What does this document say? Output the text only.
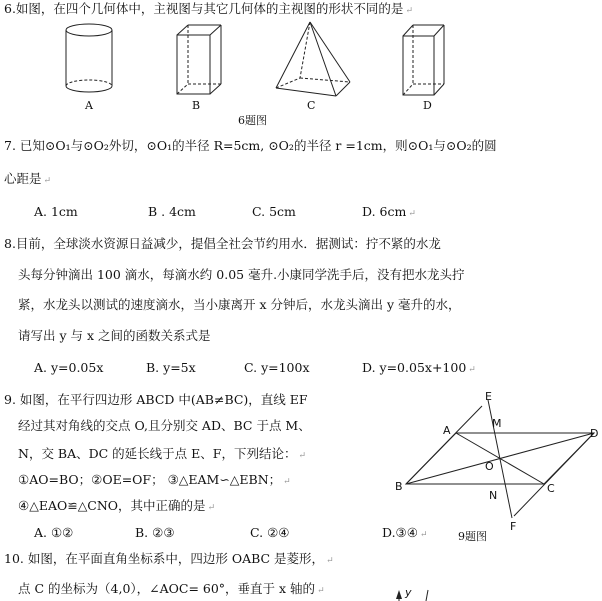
6.如图，在四个几何体中，主视图与其它几何体的主视图的形状不同的是 ↵
A	B	C	D
6题图
7. 已知⊙O₁与⊙O₂外切，⊙O₁的半径 R=5cm, ⊙O₂的半径 r =1cm，则⊙O₁与⊙O₂的圆
心距是 ↵
A. 1cm	B . 4cm	C. 5cm	D. 6cm ↵
8.目前，全球淡水资源日益减少，提倡全社会节约用水．据测试：拧不紧的水龙
头每分钟滴出 100 滴水，每滴水约 0.05 毫升.小康同学洗手后，没有把水龙头拧
紧，水龙头以测试的速度滴水，当小康离开 x 分钟后，水龙头滴出 y 毫升的水，
请写出 y 与 x 之间的函数关系式是
A. y=0.05x	B. y=5x	C. y=100x	D. y=0.05x+100 ↵
9. 如图，在平行四边形 ABCD 中(AB≠BC)，直线 EF
经过其对角线的交点 O,且分别交 AD、BC 于点 M、
N，交 BA、DC 的延长线于点 E、F，下列结论： ↵
①AO=BO；②OE=OF； ③△EAM∽△EBN； ↵
④△EAO≌△CNO，其中正确的是 ↵
A. ①②	B. ②③	C. ②④	D.③④ ↵	9题图
E
M
A	D
O
B
N
C
F
10. 如图，在平面直角坐标系中，四边形 OABC 是菱形， ↵
点 C 的坐标为（4,0），∠AOC= 60°，垂直于 x 轴的 ↵	y
